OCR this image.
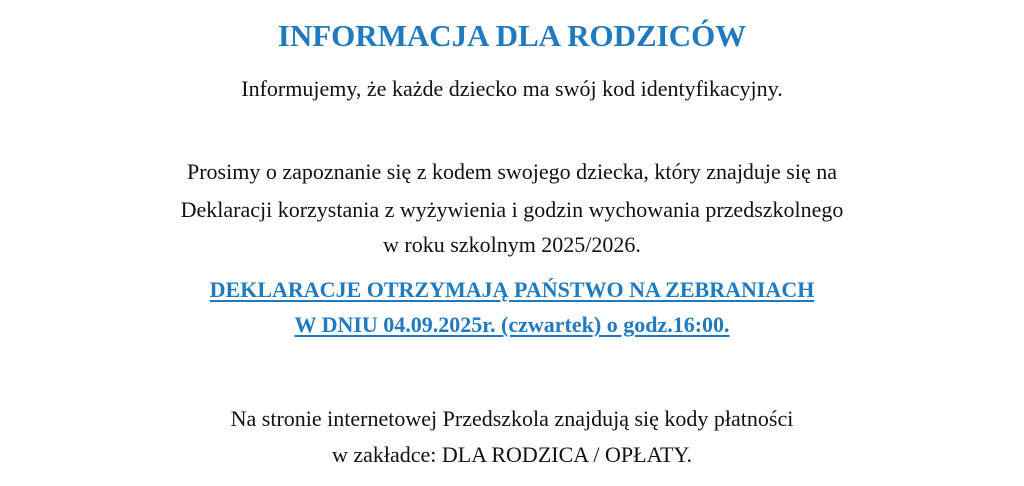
INFORMACJA DLA RODZICÓW
Informujemy, że każde dziecko ma swój kod identyfikacyjny.
Prosimy o zapoznanie się z kodem swojego dziecka, który znajduje się na
Deklaracji korzystania z wyżywienia i godzin wychowania przedszkolnego
w roku szkolnym 2025/2026.
DEKLARACJE OTRZYMAJĄ PAŃSTWO NA ZEBRANIACH
W DNIU 04.09.2025r. (czwartek) o godz.16:00.
Na stronie internetowej Przedszkola znajdują się kody płatności
w zakładce: DLA RODZICA / OPŁATY.
